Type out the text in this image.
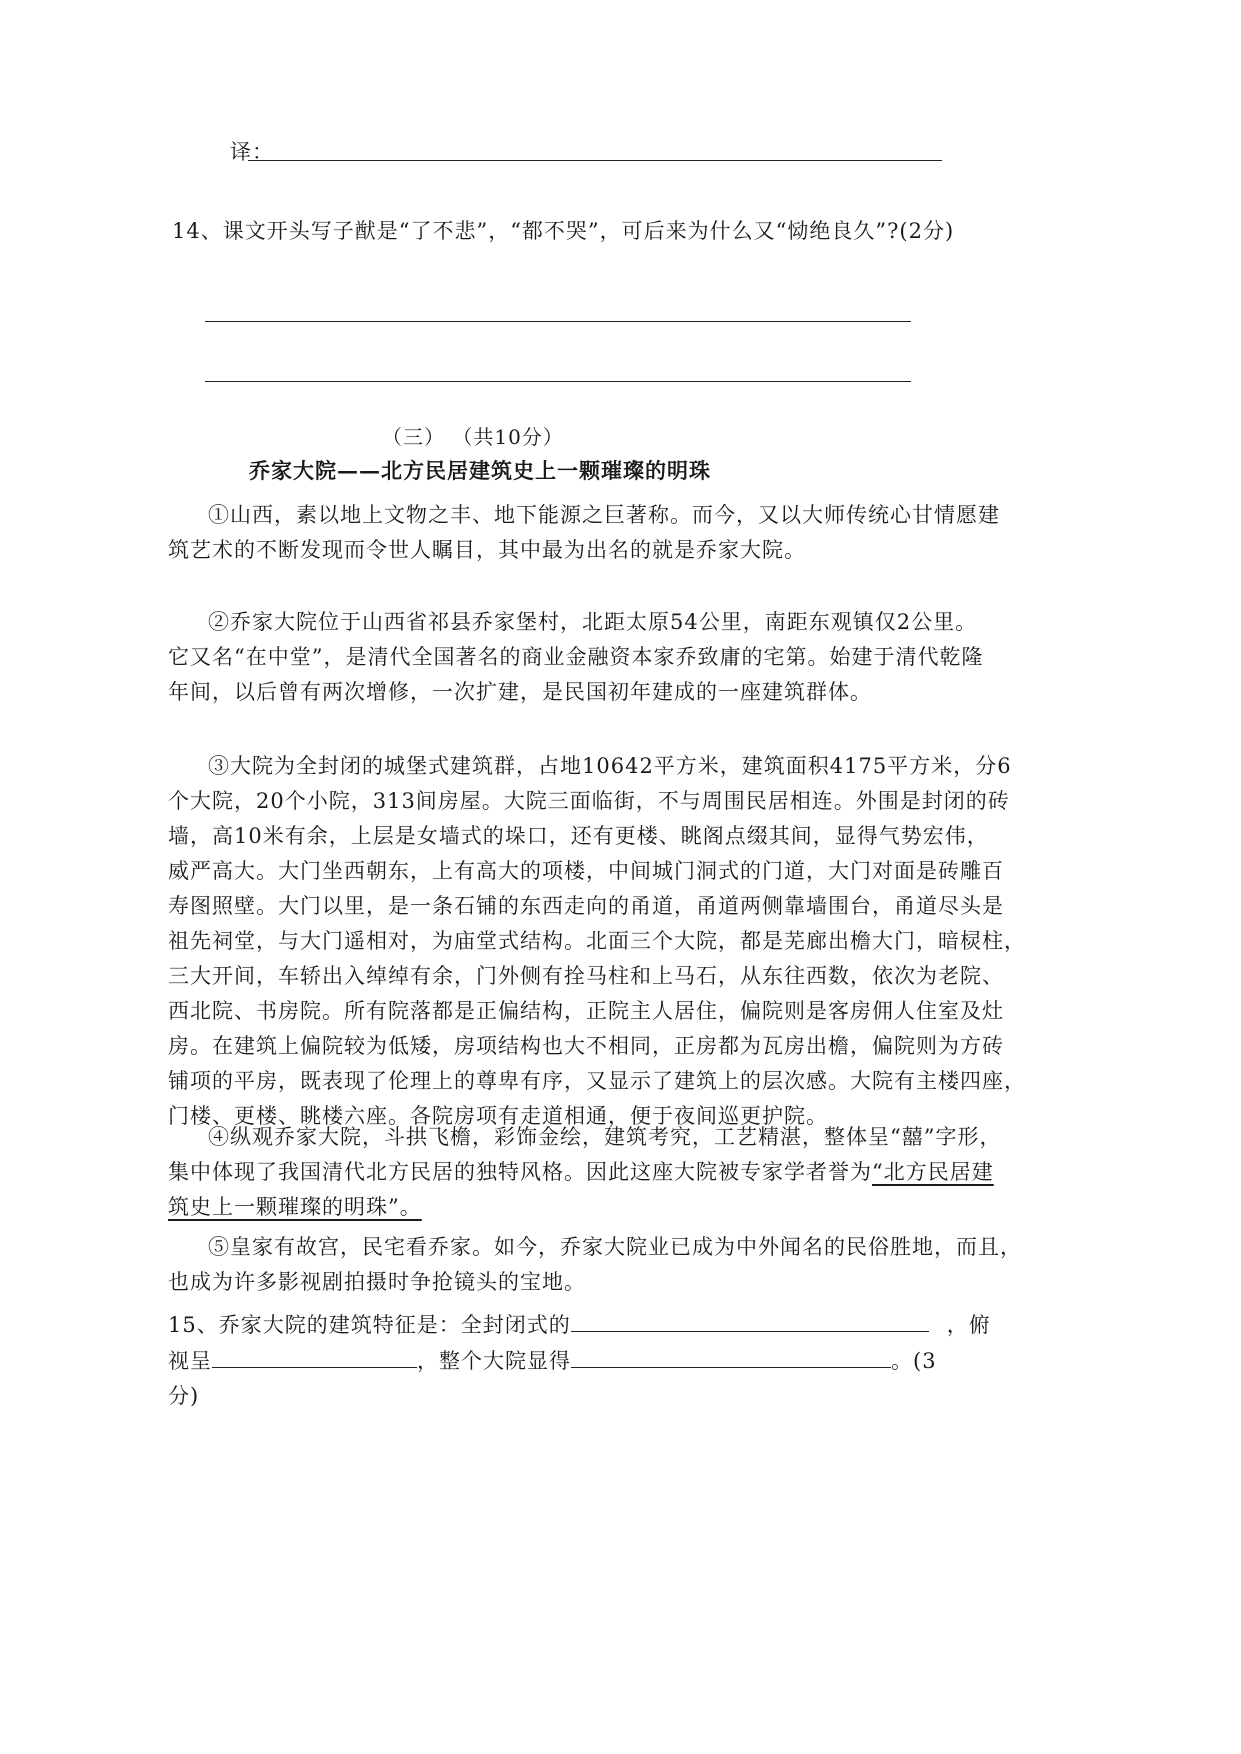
译：
14、课文开头写子猷是“了不悲”，“都不哭”，可后来为什么又“恸绝良久”?(2分)
（三） （共10分）
乔家大院——北方民居建筑史上一颗璀璨的明珠
①山西，素以地上文物之丰、地下能源之巨著称。而今，又以大师传统心甘情愿建
筑艺术的不断发现而令世人瞩目，其中最为出名的就是乔家大院。
②乔家大院位于山西省祁县乔家堡村，北距太原54公里，南距东观镇仅2公里。
它又名“在中堂”，是清代全国著名的商业金融资本家乔致庸的宅第。始建于清代乾隆
年间，以后曾有两次增修，一次扩建，是民国初年建成的一座建筑群体。
③大院为全封闭的城堡式建筑群，占地10642平方米，建筑面积4175平方米，分6
个大院，20个小院，313间房屋。大院三面临街，不与周围民居相连。外围是封闭的砖
墙，高10米有余，上层是女墙式的垛口，还有更楼、眺阁点缀其间，显得气势宏伟，
威严高大。大门坐西朝东，上有高大的项楼，中间城门洞式的门道，大门对面是砖雕百
寿图照壁。大门以里，是一条石铺的东西走向的甬道，甬道两侧靠墙围台，甬道尽头是
祖先祠堂，与大门遥相对，为庙堂式结构。北面三个大院，都是芜廊出檐大门，暗棂柱，
三大开间，车轿出入绰绰有余，门外侧有拴马柱和上马石，从东往西数，依次为老院、
西北院、书房院。所有院落都是正偏结构，正院主人居住，偏院则是客房佣人住室及灶
房。在建筑上偏院较为低矮，房项结构也大不相同，正房都为瓦房出檐，偏院则为方砖
铺项的平房，既表现了伦理上的尊卑有序，又显示了建筑上的层次感。大院有主楼四座，
门楼、更楼、眺楼六座。各院房项有走道相通，便于夜间巡更护院。
④纵观乔家大院，斗拱飞檐，彩饰金绘，建筑考究，工艺精湛，整体呈“囍”字形，
集中体现了我国清代北方民居的独特风格。因此这座大院被专家学者誉为“北方民居建
筑史上一颗璀璨的明珠”。
⑤皇家有故宫，民宅看乔家。如今，乔家大院业已成为中外闻名的民俗胜地，而且，
也成为许多影视剧拍摄时争抢镜头的宝地。
15、乔家大院的建筑特征是：全封闭式的	，俯
视呈	，整个大院显得	。(3
分)
